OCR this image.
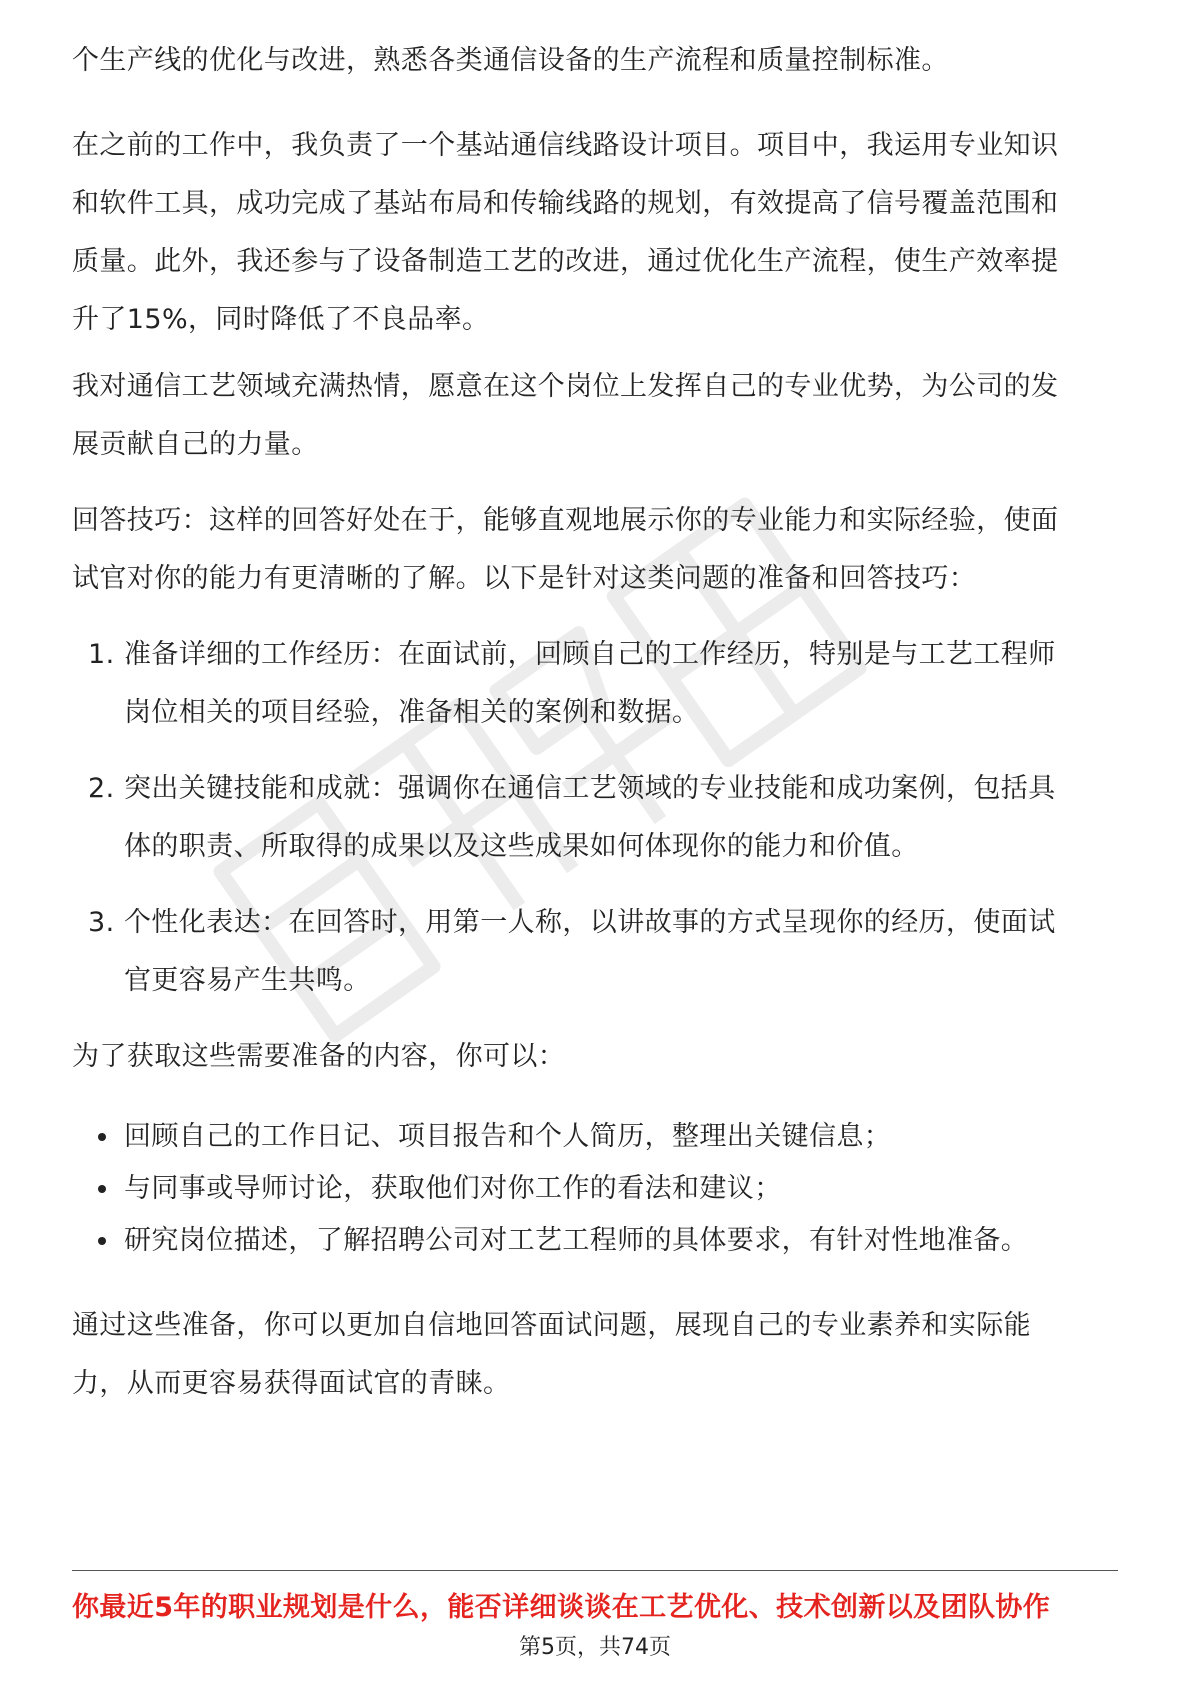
个生产线的优化与改进，熟悉各类通信设备的生产流程和质量控制标准。
在之前的工作中，我负责了一个基站通信线路设计项目。项目中，我运用专业知识
和软件工具，成功完成了基站布局和传输线路的规划，有效提高了信号覆盖范围和
质量。此外，我还参与了设备制造工艺的改进，通过优化生产流程，使生产效率提
升了15%，同时降低了不良品率。
我对通信工艺领域充满热情，愿意在这个岗位上发挥自己的专业优势，为公司的发
展贡献自己的力量。
回答技巧：这样的回答好处在于，能够直观地展示你的专业能力和实际经验，使面
试官对你的能力有更清晰的了解。以下是针对这类问题的准备和回答技巧：
1. 准备详细的工作经历：在面试前，回顾自己的工作经历，特别是与工艺工程师
岗位相关的项目经验，准备相关的案例和数据。
2. 突出关键技能和成就：强调你在通信工艺领域的专业技能和成功案例，包括具
体的职责、所取得的成果以及这些成果如何体现你的能力和价值。
3. 个性化表达：在回答时，用第一人称，以讲故事的方式呈现你的经历，使面试
官更容易产生共鸣。
为了获取这些需要准备的内容，你可以：
回顾自己的工作日记、项目报告和个人简历，整理出关键信息；
与同事或导师讨论，获取他们对你工作的看法和建议；
研究岗位描述，了解招聘公司对工艺工程师的具体要求，有针对性地准备。
通过这些准备，你可以更加自信地回答面试问题，展现自己的专业素养和实际能
力，从而更容易获得面试官的青睐。
你最近5年的职业规划是什么，能否详细谈谈在工艺优化、技术创新以及团队协作
第5页，共74页
